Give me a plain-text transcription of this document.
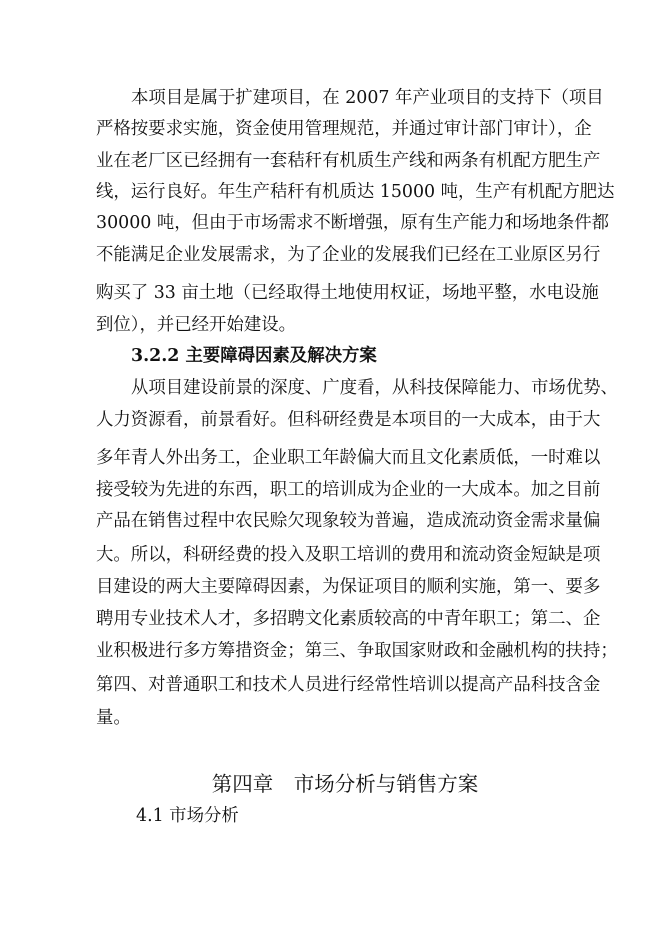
本项目是属于扩建项目，在 2007 年产业项目的支持下（项目
严格按要求实施，资金使用管理规范，并通过审计部门审计），企
业在老厂区已经拥有一套秸秆有机质生产线和两条有机配方肥生产
线，运行良好。年生产秸秆有机质达 15000 吨，生产有机配方肥达
30000 吨，但由于市场需求不断增强，原有生产能力和场地条件都
不能满足企业发展需求，为了企业的发展我们已经在工业原区另行
购买了 33 亩土地（已经取得土地使用权证，场地平整，水电设施
到位），并已经开始建设。
3.2.2 主要障碍因素及解决方案
从项目建设前景的深度、广度看，从科技保障能力、市场优势、
人力资源看，前景看好。但科研经费是本项目的一大成本，由于大
多年青人外出务工，企业职工年龄偏大而且文化素质低，一时难以
接受较为先进的东西，职工的培训成为企业的一大成本。加之目前
产品在销售过程中农民赊欠现象较为普遍，造成流动资金需求量偏
大。所以，科研经费的投入及职工培训的费用和流动资金短缺是项
目建设的两大主要障碍因素，为保证项目的顺利实施，第一、要多
聘用专业技术人才，多招聘文化素质较高的中青年职工；第二、企
业积极进行多方筹措资金；第三、争取国家财政和金融机构的扶持；
第四、对普通职工和技术人员进行经常性培训以提高产品科技含金
量。
第四章　市场分析与销售方案
4.1 市场分析
